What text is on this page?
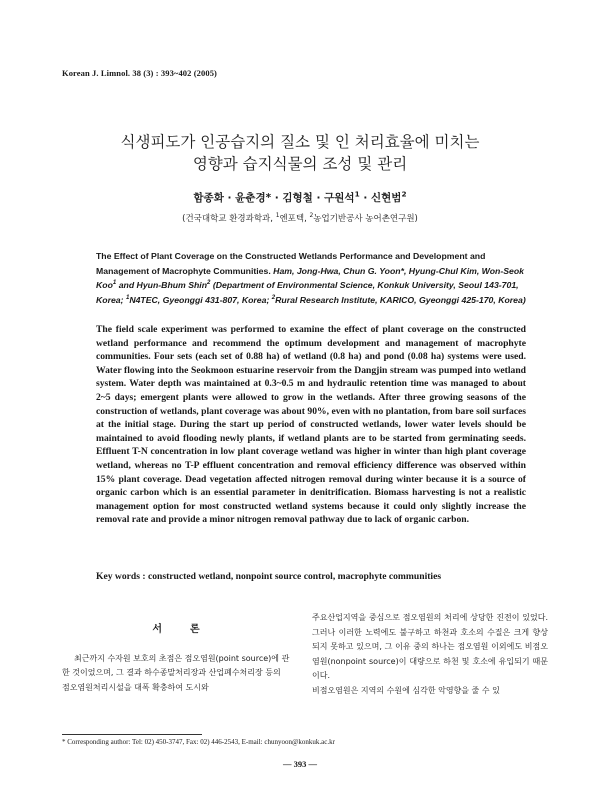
Korean J. Limnol. 38 (3) : 393~402 (2005)
식생피도가 인공습지의 질소 및 인 처리효율에 미치는
영향과 습지식물의 조성 및 관리
함종화 · 윤춘경* · 김형철 · 구원석$^1$ · 신현범$^2$
(건국대학교 환경과학과, $^1$엔포텍, $^2$농업기반공사 농어촌연구원)
The Effect of Plant Coverage on the Constructed Wetlands Performance and Development and Management of Macrophyte Communities. Ham, Jong-Hwa, Chun G. Yoon*, Hyung-Chul Kim, Won-Seok Koo$^1$ and Hyun-Bhum Shin$^2$ (Department of Environmental Science, Konkuk University, Seoul 143-701, Korea; $^1$N4TEC, Gyeonggi 431-807, Korea; $^2$Rural Research Institute, KARICO, Gyeonggi 425-170, Korea)
The field scale experiment was performed to examine the effect of plant coverage on the constructed wetland performance and recommend the optimum development and management of macrophyte communities. Four sets (each set of 0.88 ha) of wetland (0.8 ha) and pond (0.08 ha) systems were used. Water flowing into the Seokmoon estuarine reservoir from the Dangjin stream was pumped into wetland system. Water depth was maintained at 0.3~0.5 m and hydraulic retention time was managed to about 2~5 days; emergent plants were allowed to grow in the wetlands. After three growing seasons of the construction of wetlands, plant coverage was about 90%, even with no plantation, from bare soil surfaces at the initial stage. During the start up period of constructed wetlands, lower water levels should be maintained to avoid flooding newly plants, if wetland plants are to be started from germinating seeds. Effluent T-N concentration in low plant coverage wetland was higher in winter than high plant coverage wetland, whereas no T-P effluent concentration and removal efficiency difference was observed within 15% plant coverage. Dead vegetation affected nitrogen removal during winter because it is a source of organic carbon which is an essential parameter in denitrification. Biomass harvesting is not a realistic management option for most constructed wetland systems because it could only slightly increase the removal rate and provide a minor nitrogen removal pathway due to lack of organic carbon.
Key words : constructed wetland, nonpoint source control, macrophyte communities
서론

최근까지 수자원 보호의 초점은 점오염원(point source)에 관한 것이었으며, 그 결과 하수종말처리장과 산업폐수처리장 등의 점오염원처리시설을 대폭 확충하여 도시와

주요산업지역을 중심으로 점오염원의 처리에 상당한 진전이 있었다. 그러나 이러한 노력에도 불구하고 하천과 호소의 수질은 크게 향상되지 못하고 있으며, 그 이유 중의 하나는 점오염원 이외에도 비점오염원(nonpoint source)이 대량으로 하천 및 호소에 유입되기 때문이다.

비점오염원은 지역의 수원에 심각한 악영향을 줄 수 있

* Corresponding author: Tel: 02) 450-3747, Fax: 02) 446-2543, E-mail: chunyoon@konkuk.ac.kr
— 393 —
